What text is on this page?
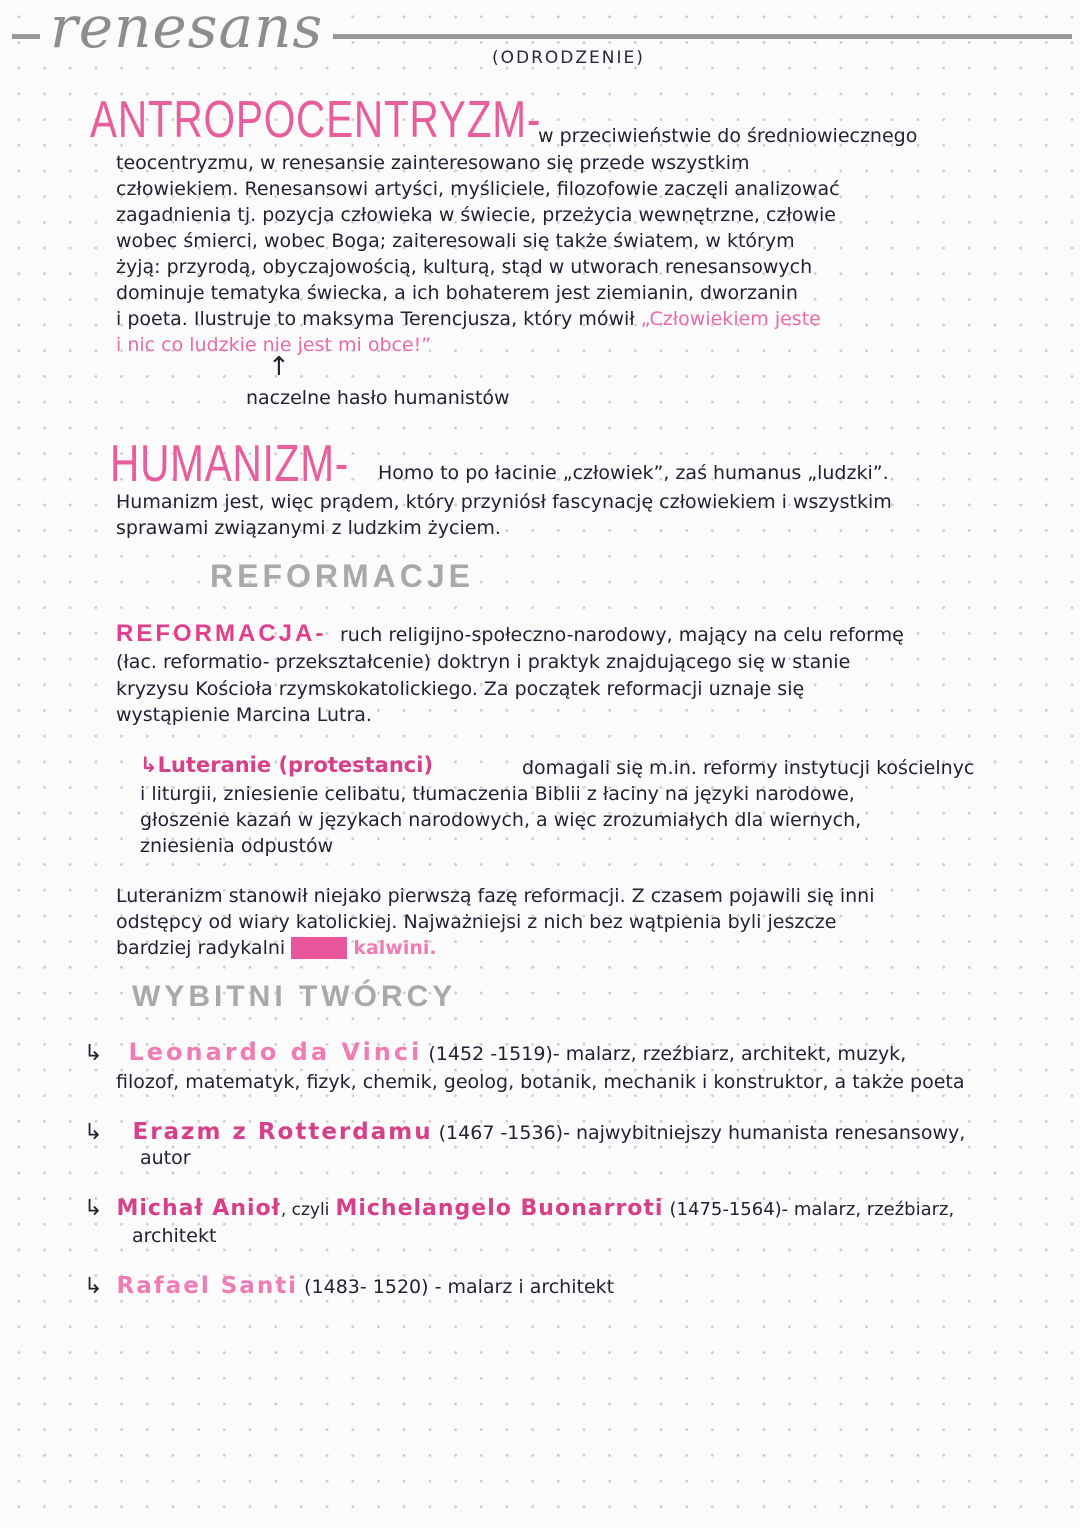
renesans	(ODRODZENIE)
ANTROPOCENTRYZM-
w przeciwieństwie do średniowiecznego
teocentryzmu, w renesansie zainteresowano się przede wszystkim
człowiekiem. Renesansowi artyści, myśliciele, filozofowie zaczęli analizować
zagadnienia tj. pozycja człowieka w świecie, przeżycia wewnętrzne, człowie
wobec śmierci, wobec Boga; zaiteresowali się także światem, w którym
żyją: przyrodą, obyczajowością, kulturą, stąd w utworach renesansowych
dominuje tematyka świecka, a ich bohaterem jest ziemianin, dworzanin
i poeta. Ilustruje to maksyma Terencjusza, który mówił „Człowiekiem jeste
i nic co ludzkie nie jest mi obce!”
↑
naczelne hasło humanistów
HUMANIZM- Homo to po łacinie „człowiek”, zaś humanus „ludzki”.
Humanizm jest, więc prądem, który przyniósł fascynację człowiekiem i wszystkim
sprawami związanymi z ludzkim życiem.
REFORMACJE
REFORMACJA- ruch religijno-społeczno-narodowy, mający na celu reformę
(łac. reformatio- przekształcenie) doktryn i praktyk znajdującego się w stanie
kryzysu Kościoła rzymskokatolickiego. Za początek reformacji uznaje się
wystąpienie Marcina Lutra.
↳Luteranie (protestanci)	domagali się m.in. reformy instytucji kościelnyc
i liturgii, zniesienie celibatu, tłumaczenia Biblii z łaciny na języki narodowe,
głoszenie kazań w językach narodowych, a więc zrozumiałych dla wiernych,
zniesienia odpustów
Luteranizm stanowił niejako pierwszą fazę reformacji. Z czasem pojawili się inni
odstępcy od wiary katolickiej. Najważniejsi z nich bez wątpienia byli jeszcze
bardziej radykalni kalwi kalwini.
WYBITNI TWÓRCY
↳ Leonardo da Vinci (1452 -1519)- malarz, rzeźbiarz, architekt, muzyk,
filozof, matematyk, fizyk, chemik, geolog, botanik, mechanik i konstruktor, a także poeta
↳ Erazm z Rotterdamu (1467 -1536)- najwybitniejszy humanista renesansowy,
autor
↳ Michał Anioł, czyli Michelangelo Buonarroti (1475-1564)- malarz, rzeźbiarz,
architekt
↳ Rafael Santi (1483- 1520) - malarz i architekt
